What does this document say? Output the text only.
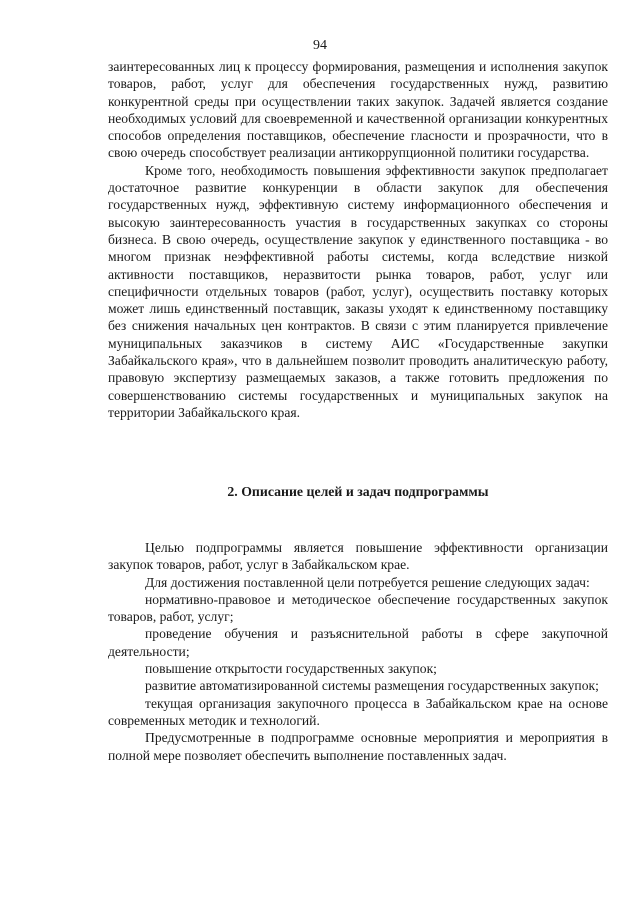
94

заинтересованных лиц к процессу формирования, размещения и исполнения закупок товаров, работ, услуг для обеспечения государственных нужд, развитию конкурентной среды при осуществлении таких закупок. Задачей является создание необходимых условий для своевременной и качественной организации конкурентных способов определения поставщиков, обеспечение гласности и прозрачности, что в свою очередь способствует реализации антикоррупционной политики государства.

Кроме того, необходимость повышения эффективности закупок предполагает достаточное развитие конкуренции в области закупок для обеспечения государственных нужд, эффективную систему информационного обеспечения и высокую заинтересованность участия в государственных закупках со стороны бизнеса. В свою очередь, осуществление закупок у единственного поставщика - во многом признак неэффективной работы системы, когда вследствие низкой активности поставщиков, неразвитости рынка товаров, работ, услуг или специфичности отдельных товаров (работ, услуг), осуществить поставку которых может лишь единственный поставщик, заказы уходят к единственному поставщику без снижения начальных цен контрактов. В связи с этим планируется привлечение муниципальных заказчиков в систему АИС «Государственные закупки Забайкальского края», что в дальнейшем позволит проводить аналитическую работу, правовую экспертизу размещаемых заказов, а также готовить предложения по совершенствованию системы государственных и муниципальных закупок на территории Забайкальского края.

2. Описание целей и задач подпрограммы

Целью подпрограммы является повышение эффективности организации закупок товаров, работ, услуг в Забайкальском крае.

Для достижения поставленной цели потребуется решение следующих задач:

нормативно-правовое и методическое обеспечение государственных закупок товаров, работ, услуг;

проведение обучения и разъяснительной работы в сфере закупочной деятельности;

повышение открытости государственных закупок;

развитие автоматизированной системы размещения государственных закупок;

текущая организация закупочного процесса в Забайкальском крае на основе современных методик и технологий.

Предусмотренные в подпрограмме основные мероприятия и мероприятия в полной мере позволяет обеспечить выполнение поставленных задач.
